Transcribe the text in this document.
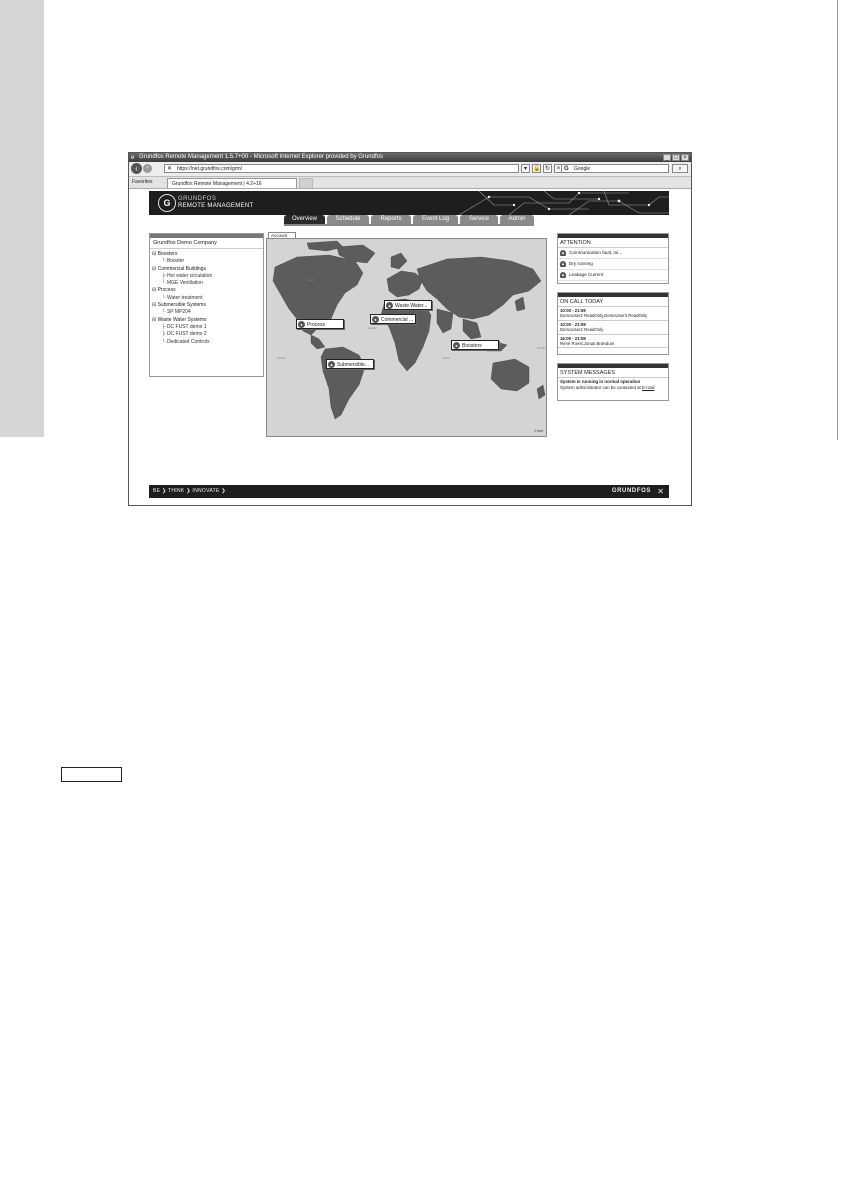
e Grundfos Remote Management 1.5.7+00 - Microsoft Internet Explorer provided by Grundfos	_ □ ×
‹	›	✕ https://net.grundfos.com/grm/	▾	🔒 ↻	× G Google	⌕
Favorites	Grundfos Remote Management | 4.2+16
G	GRUNDFOS
REMOTE MANAGEMENT
Overview	Schedule	Reports	Event Log	Service	Admin
Grundfos Demo Company
⊟ Boosters
└ Booster
⊟ Commercial Buildings
├ Hot water circulation
└ MGE Ventilation
⊟ Process
└ Water treatment
⊟ Submersible Systems
└ SP MP204
⊟ Waste Water Systems
├ DC FUST demo 1
├ DC FUST demo 2
└ Dedicated Controls
Account
North
Pacific
Atlantic
Indian
Pacific
▲ Waste Water...
● Process
● Commercial ...
● Boosters
▲ Submersible...
2 km
ATTENTION
▲ Communication fault, mi...
▲ Dry running
▲ Leakage Current
ON CALL TODAY
10:00 - 21:59
DemoUser2 ReadOnly,DemoUser3 ReadOnly
10:00 - 21:59
DemoUser2 ReadOnly
16:00 - 21:59
René Roest,Jonas Brøndum
SYSTEM MESSAGES
System is running in normal operation
System administrator can be contacted at E-mail
BE ❯ THINK ❯ INNOVATE ❯	GRUNDFOS ✕
